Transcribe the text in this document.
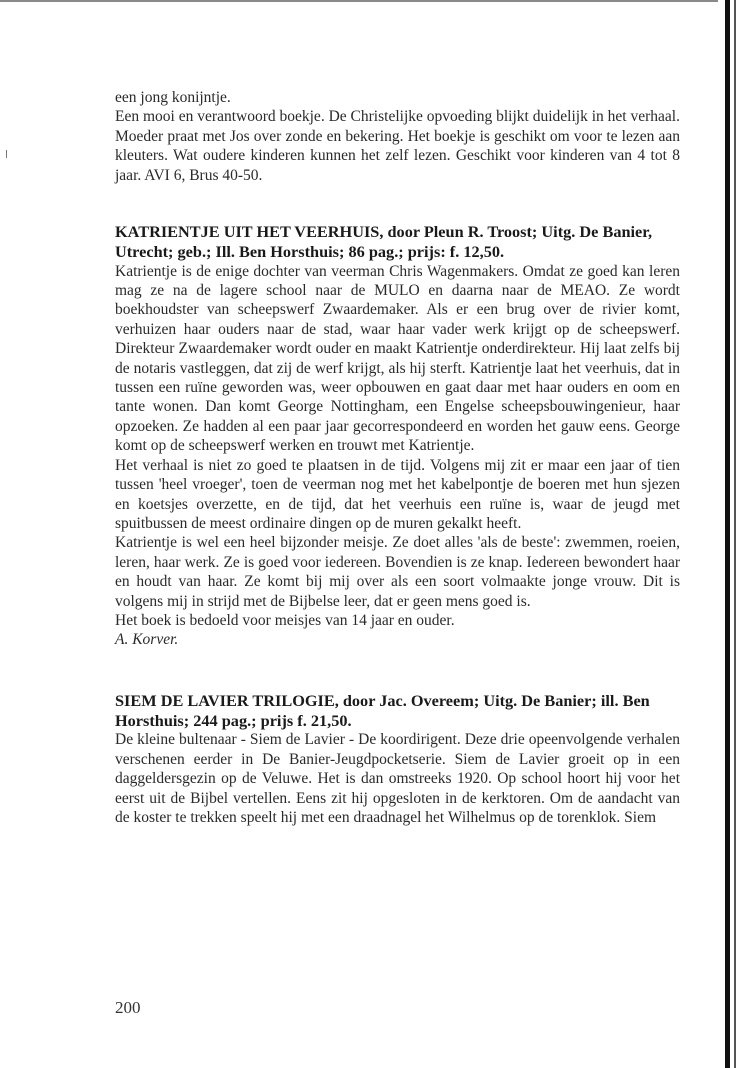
een jong konijntje.

Een mooi en verantwoord boekje. De Christelijke opvoeding blijkt duidelijk in het verhaal. Moeder praat met Jos over zonde en bekering. Het boekje is geschikt om voor te lezen aan kleuters. Wat oudere kinderen kunnen het zelf lezen. Geschikt voor kinderen van 4 tot 8 jaar. AVI 6, Brus 40-50.

KATRIENTJE UIT HET VEERHUIS, door Pleun R. Troost; Uitg. De Banier, Utrecht; geb.; Ill. Ben Horsthuis; 86 pag.; prijs: f. 12,50.

Katrientje is de enige dochter van veerman Chris Wagenmakers. Omdat ze goed kan leren mag ze na de lagere school naar de MULO en daarna naar de MEAO. Ze wordt boekhoudster van scheepswerf Zwaardemaker. Als er een brug over de rivier komt, verhuizen haar ouders naar de stad, waar haar vader werk krijgt op de scheepswerf. Direkteur Zwaardemaker wordt ouder en maakt Katrientje onderdirekteur. Hij laat zelfs bij de notaris vastleggen, dat zij de werf krijgt, als hij sterft. Katrientje laat het veerhuis, dat in tussen een ruïne geworden was, weer opbouwen en gaat daar met haar ouders en oom en tante wonen. Dan komt George Nottingham, een Engelse scheepsbouwingenieur, haar opzoeken. Ze hadden al een paar jaar gecorrespondeerd en worden het gauw eens. George komt op de scheepswerf werken en trouwt met Katrientje.

Het verhaal is niet zo goed te plaatsen in de tijd. Volgens mij zit er maar een jaar of tien tussen 'heel vroeger', toen de veerman nog met het kabelpontje de boeren met hun sjezen en koetsjes overzette, en de tijd, dat het veerhuis een ruïne is, waar de jeugd met spuitbussen de meest ordinaire dingen op de muren gekalkt heeft.

Katrientje is wel een heel bijzonder meisje. Ze doet alles 'als de beste': zwemmen, roeien, leren, haar werk. Ze is goed voor iedereen. Bovendien is ze knap. Iedereen bewondert haar en houdt van haar. Ze komt bij mij over als een soort volmaakte jonge vrouw. Dit is volgens mij in strijd met de Bijbelse leer, dat er geen mens goed is.

Het boek is bedoeld voor meisjes van 14 jaar en ouder.

A. Korver.

SIEM DE LAVIER TRILOGIE, door Jac. Overeem; Uitg. De Banier; ill. Ben Horsthuis; 244 pag.; prijs f. 21,50.

De kleine bultenaar - Siem de Lavier - De koordirigent. Deze drie opeenvolgende verhalen verschenen eerder in De Banier-Jeugdpocketserie. Siem de Lavier groeit op in een daggeldersgezin op de Veluwe. Het is dan omstreeks 1920. Op school hoort hij voor het eerst uit de Bijbel vertellen. Eens zit hij opgesloten in de kerktoren. Om de aandacht van de koster te trekken speelt hij met een draadnagel het Wilhelmus op de torenklok. Siem

200
